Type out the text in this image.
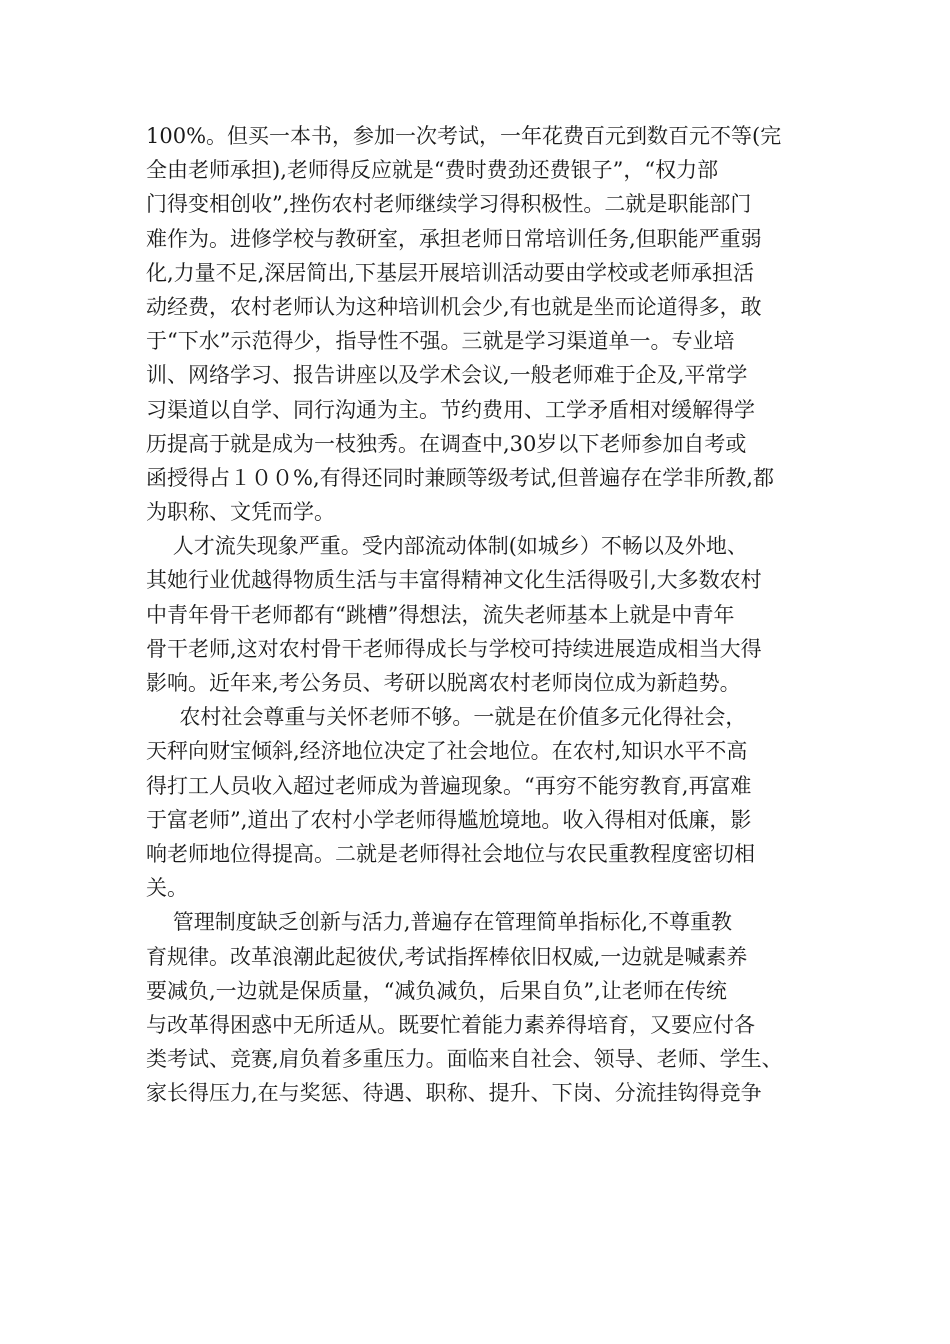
100%。但买一本书，参加一次考试，一年花费百元到数百元不等(完
全由老师承担),老师得反应就是“费时费劲还费银子”，“权力部
门得变相创收”,挫伤农村老师继续学习得积极性。二就是职能部门
难作为。进修学校与教研室，承担老师日常培训任务,但职能严重弱
化,力量不足,深居简出,下基层开展培训活动要由学校或老师承担活
动经费，农村老师认为这种培训机会少,有也就是坐而论道得多，敢
于“下水”示范得少，指导性不强。三就是学习渠道单一。专业培
训、网络学习、报告讲座以及学术会议,一般老师难于企及,平常学
习渠道以自学、同行沟通为主。节约费用、工学矛盾相对缓解得学
历提高于就是成为一枝独秀。在调查中,30岁以下老师参加自考或
函授得占１００%,有得还同时兼顾等级考试,但普遍存在学非所教,都
为职称、文凭而学。
人才流失现象严重。受内部流动体制(如城乡）不畅以及外地、
其她行业优越得物质生活与丰富得精神文化生活得吸引,大多数农村
中青年骨干老师都有“跳槽”得想法，流失老师基本上就是中青年
骨干老师,这对农村骨干老师得成长与学校可持续进展造成相当大得
影响。近年来,考公务员、考研以脱离农村老师岗位成为新趋势。
农村社会尊重与关怀老师不够。一就是在价值多元化得社会，
天秤向财宝倾斜,经济地位决定了社会地位。在农村,知识水平不高
得打工人员收入超过老师成为普遍现象。“再穷不能穷教育,再富难
于富老师”,道出了农村小学老师得尴尬境地。收入得相对低廉，影
响老师地位得提高。二就是老师得社会地位与农民重教程度密切相
关。
管理制度缺乏创新与活力,普遍存在管理简单指标化,不尊重教
育规律。改革浪潮此起彼伏,考试指挥棒依旧权威,一边就是喊素养
要减负,一边就是保质量，“减负减负，后果自负”,让老师在传统
与改革得困惑中无所适从。既要忙着能力素养得培育，又要应付各
类考试、竞赛,肩负着多重压力。面临来自社会、领导、老师、学生、
家长得压力,在与奖惩、待遇、职称、提升、下岗、分流挂钩得竞争
